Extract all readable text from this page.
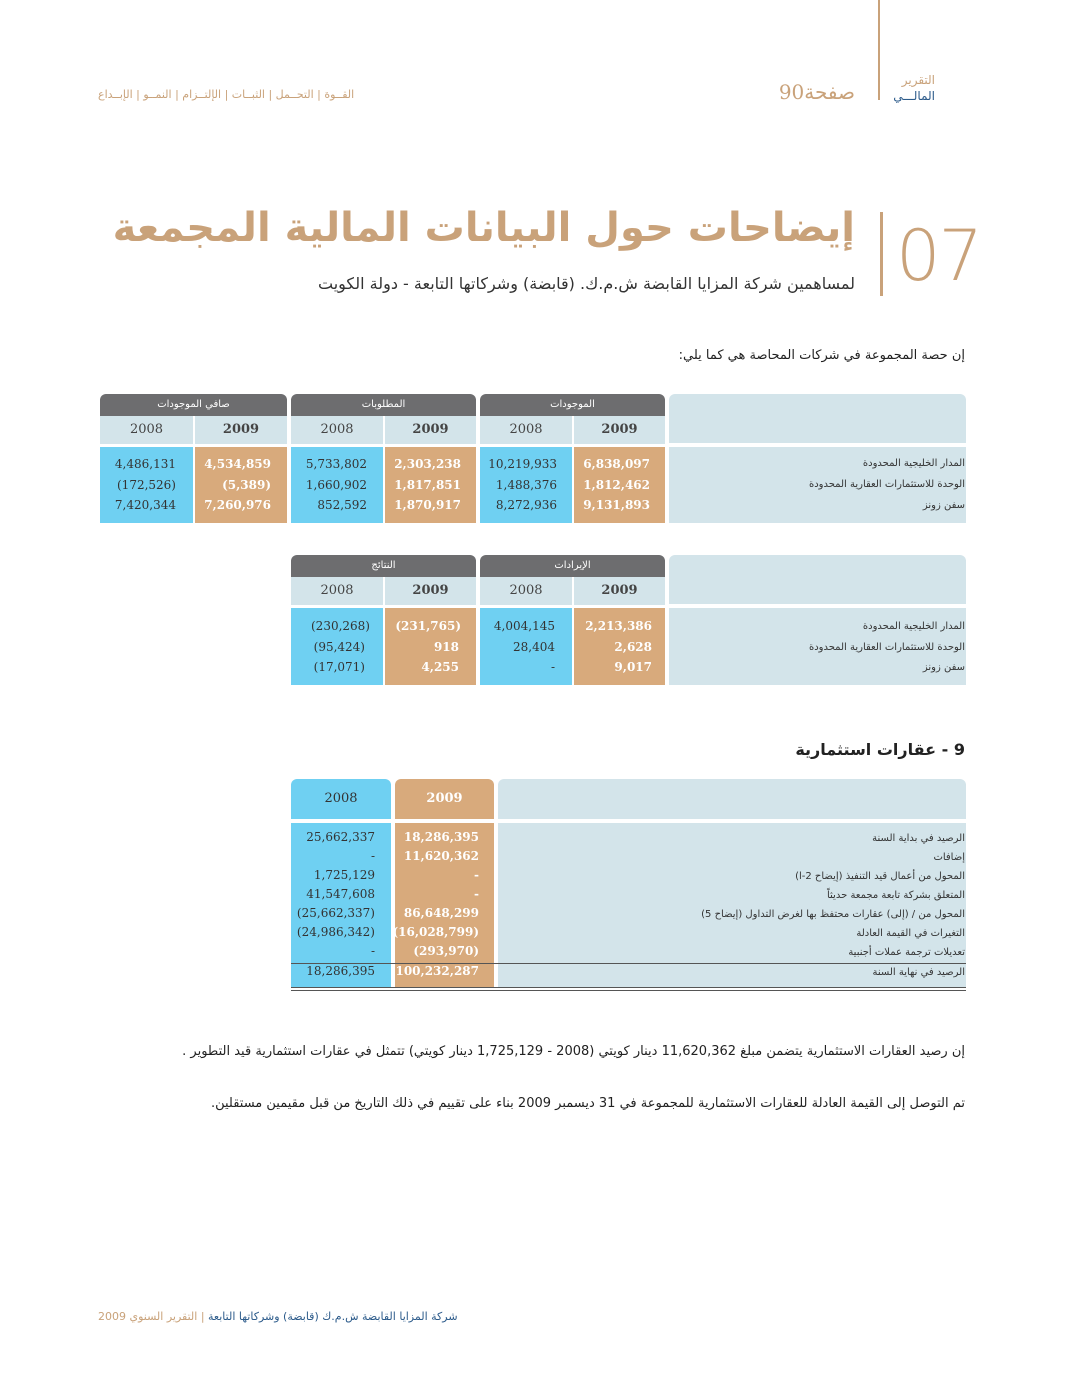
القــوة | التحــمل | الثبــات | الإلتــزام | النمــو | الإبــداع	صفحة90	التقرير
المالـــي
07
إيضاحات حول البيانات المالية المجمعة
لمساهمين شركة المزايا القابضة ش.م.ك. (قابضة) وشركاتها التابعة - دولة الكويت
إن حصة المجموعة في شركات المحاصة هي كما يلي:
الموجودات
المطلوبات
صافي الموجودات
2009
2008
2009
2008
2009
2008
المدار الخليجية المحدودة
6,838,097
10,219,933
2,303,238
5,733,802
4,534,859
4,486,131
الوحدة للاستثمارات العقارية المحدودة
1,812,462
1,488,376
1,817,851
1,660,902
(5,389)
(172,526)
سفن زونز
9,131,893
8,272,936
1,870,917
852,592
7,260,976
7,420,344
الإيرادات
النتائج
2009
2008
2009
2008
المدار الخليجية المحدودة
2,213,386
4,004,145
(231,765)
(230,268)
الوحدة للاستثمارات العقارية المحدودة
2,628
28,404
918
(95,424)
سفن زونز
9,017
-
4,255
(17,071)
9 - عقارات استثمارية
2009
2008
الرصيد في بداية السنة
18,286,395
25,662,337
إضافات
11,620,362
-
المحول من أعمال قيد التنفيذ (إيضاح 2-ا)
-
1,725,129
المتعلق بشركة تابعة مجمعة حديثاً
-
41,547,608
المحول من / (إلى) عقارات محتفظ بها لغرض التداول (إيضاح 5)
86,648,299
(25,662,337)
التغيرات في القيمة العادلة
(16,028,799)
(24,986,342)
تعديلات ترجمة عملات أجنبية
(293,970)
-
الرصيد في نهاية السنة
100,232,287
18,286,395
إن رصيد العقارات الاستثمارية يتضمن مبلغ 11,620,362 دينار كويتي (2008 - 1,725,129 دينار كويتي) تتمثل في عقارات استثمارية قيد التطوير .
تم التوصل إلى القيمة العادلة للعقارات الاستثمارية للمجموعة في 31 ديسمبر 2009 بناء على تقييم في ذلك التاريخ من قبل مقيمين مستقلين.
شركة المزايا القابضة ش.م.ك (قابضة) وشركاتها التابعة | التقرير السنوي 2009
